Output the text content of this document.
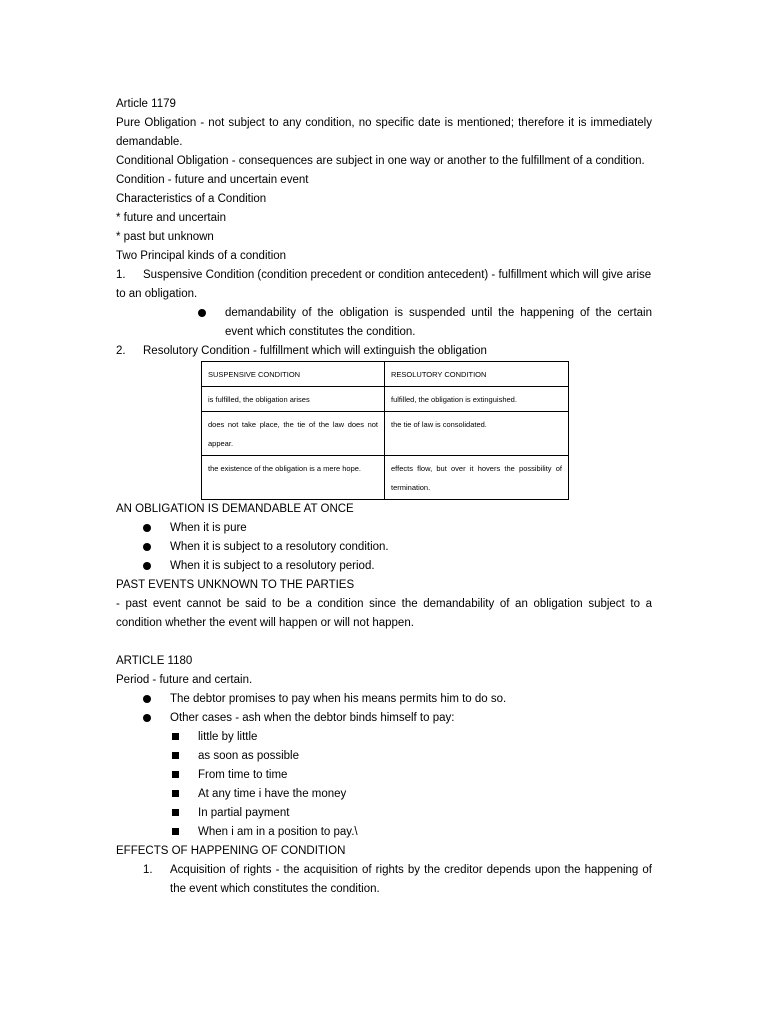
Article 1179
Pure Obligation - not subject to any condition, no specific date is mentioned; therefore it is immediately demandable.
Conditional Obligation - consequences are subject in one way or another to the fulfillment of a condition.
Condition - future and uncertain event
Characteristics of a Condition
* future and uncertain
* past but unknown
Two Principal kinds of a condition
1. Suspensive Condition (condition precedent or condition antecedent) - fulfillment which will give arise to an obligation.
demandability of the obligation is suspended until the happening of the certain event which constitutes the condition.
2.	Resolutory Condition - fulfillment which will extinguish the obligation
SUSPENSIVE CONDITION	RESOLUTORY CONDITION
is fulfilled, the obligation arises	fulfilled, the obligation is extinguished.
does not take place, the tie of the law does not appear.	the tie of law is consolidated.
the existence of the obligation is a mere hope.	effects flow, but over it hovers the possibility of termination.
AN OBLIGATION IS DEMANDABLE AT ONCE
When it is pure
When it is subject to a resolutory condition.
When it is subject to a resolutory period.
PAST EVENTS UNKNOWN TO THE PARTIES
- past event cannot be said to be a condition since the demandability of an obligation subject to a condition whether the event will happen or will not happen.
ARTICLE 1180
Period - future and certain.
The debtor promises to pay when his means permits him to do so.
Other cases - ash when the debtor binds himself to pay:
little by little
as soon as possible
From time to time
At any time i have the money
In partial payment
When i am in a position to pay.\
EFFECTS OF HAPPENING OF CONDITION
1.	Acquisition of rights - the acquisition of rights by the creditor depends upon the happening of the event which constitutes the condition.
